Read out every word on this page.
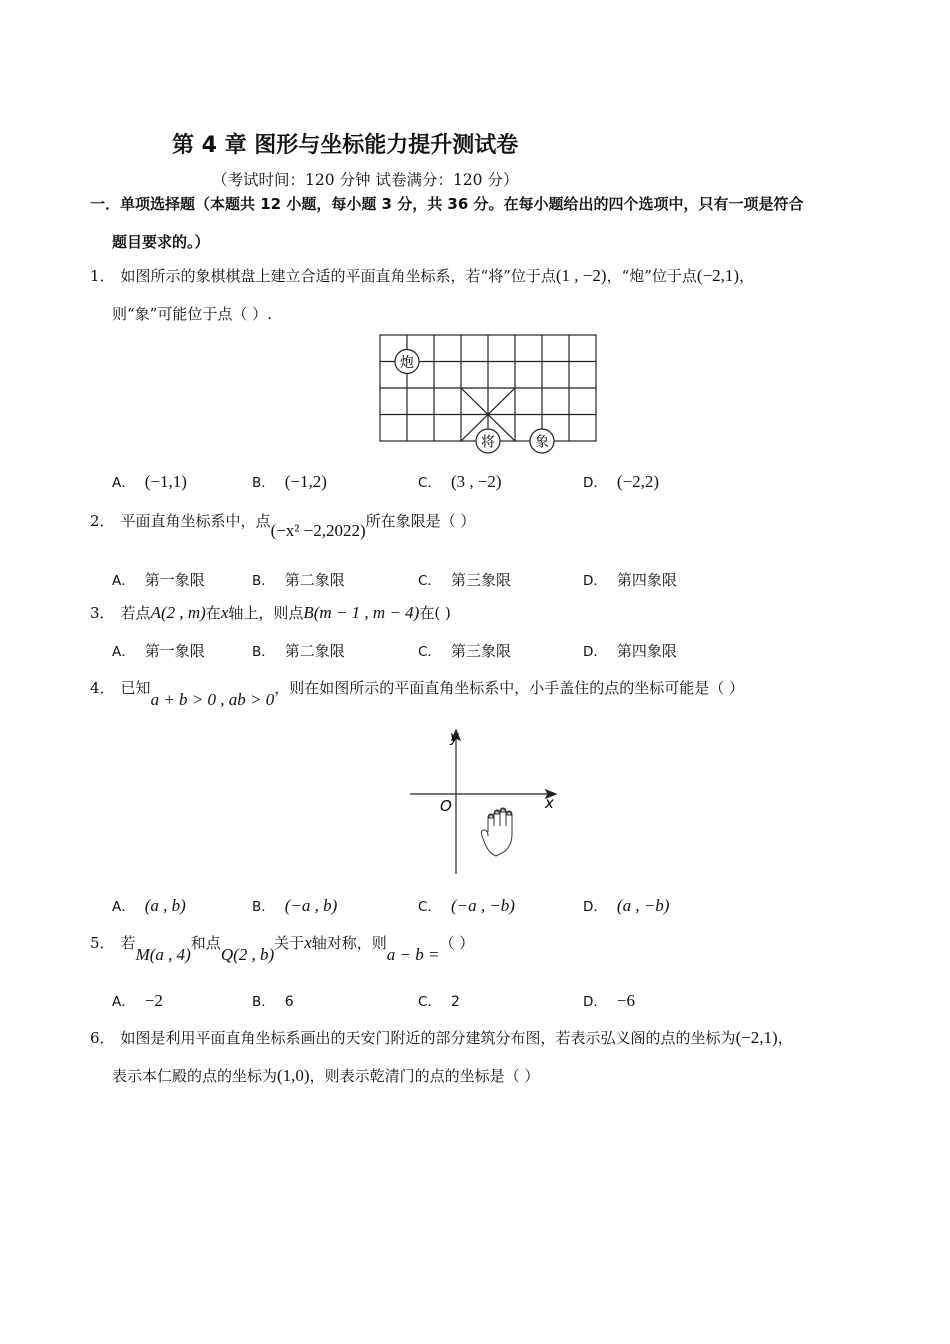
第 4 章 图形与坐标能力提升测试卷
（考试时间：120 分钟 试卷满分：120 分）
一．单项选择题（本题共 12 小题，每小题 3 分，共 36 分。在每小题给出的四个选项中，只有一项是符合
题目要求的。）
1． 如图所示的象棋棋盘上建立合适的平面直角坐标系，若“将”位于点(1 , −2)，“炮”位于点(−2,1)，
则“象”可能位于点（ ）.
炮
将	象
A． (−1,1)	B． (−1,2)	C． (3 , −2)	D． (−2,2)
2． 平面直角坐标系中，点(−x² −2,2022)所在象限是（ ）
A． 第一象限	B． 第二象限	C． 第三象限	D． 第四象限
3． 若点A(2 , m)在x轴上，则点B(m − 1 , m − 4)在( )
A． 第一象限	B． 第二象限	C． 第三象限	D． 第四象限
4． 已知a + b > 0 , ab > 0，则在如图所示的平面直角坐标系中，小手盖住的点的坐标可能是（ ）
y
x
O
A． (a , b)	B． (−a , b)	C． (−a , −b)	D． (a , −b)
5． 若M(a , 4)和点Q(2 , b)关于x轴对称，则a − b =（ ）
A． −2	B． 6	C． 2	D． −6
6． 如图是利用平面直角坐标系画出的天安门附近的部分建筑分布图，若表示弘义阁的点的坐标为(−2,1)，
表示本仁殿的点的坐标为(1,0)，则表示乾清门的点的坐标是（ ）
